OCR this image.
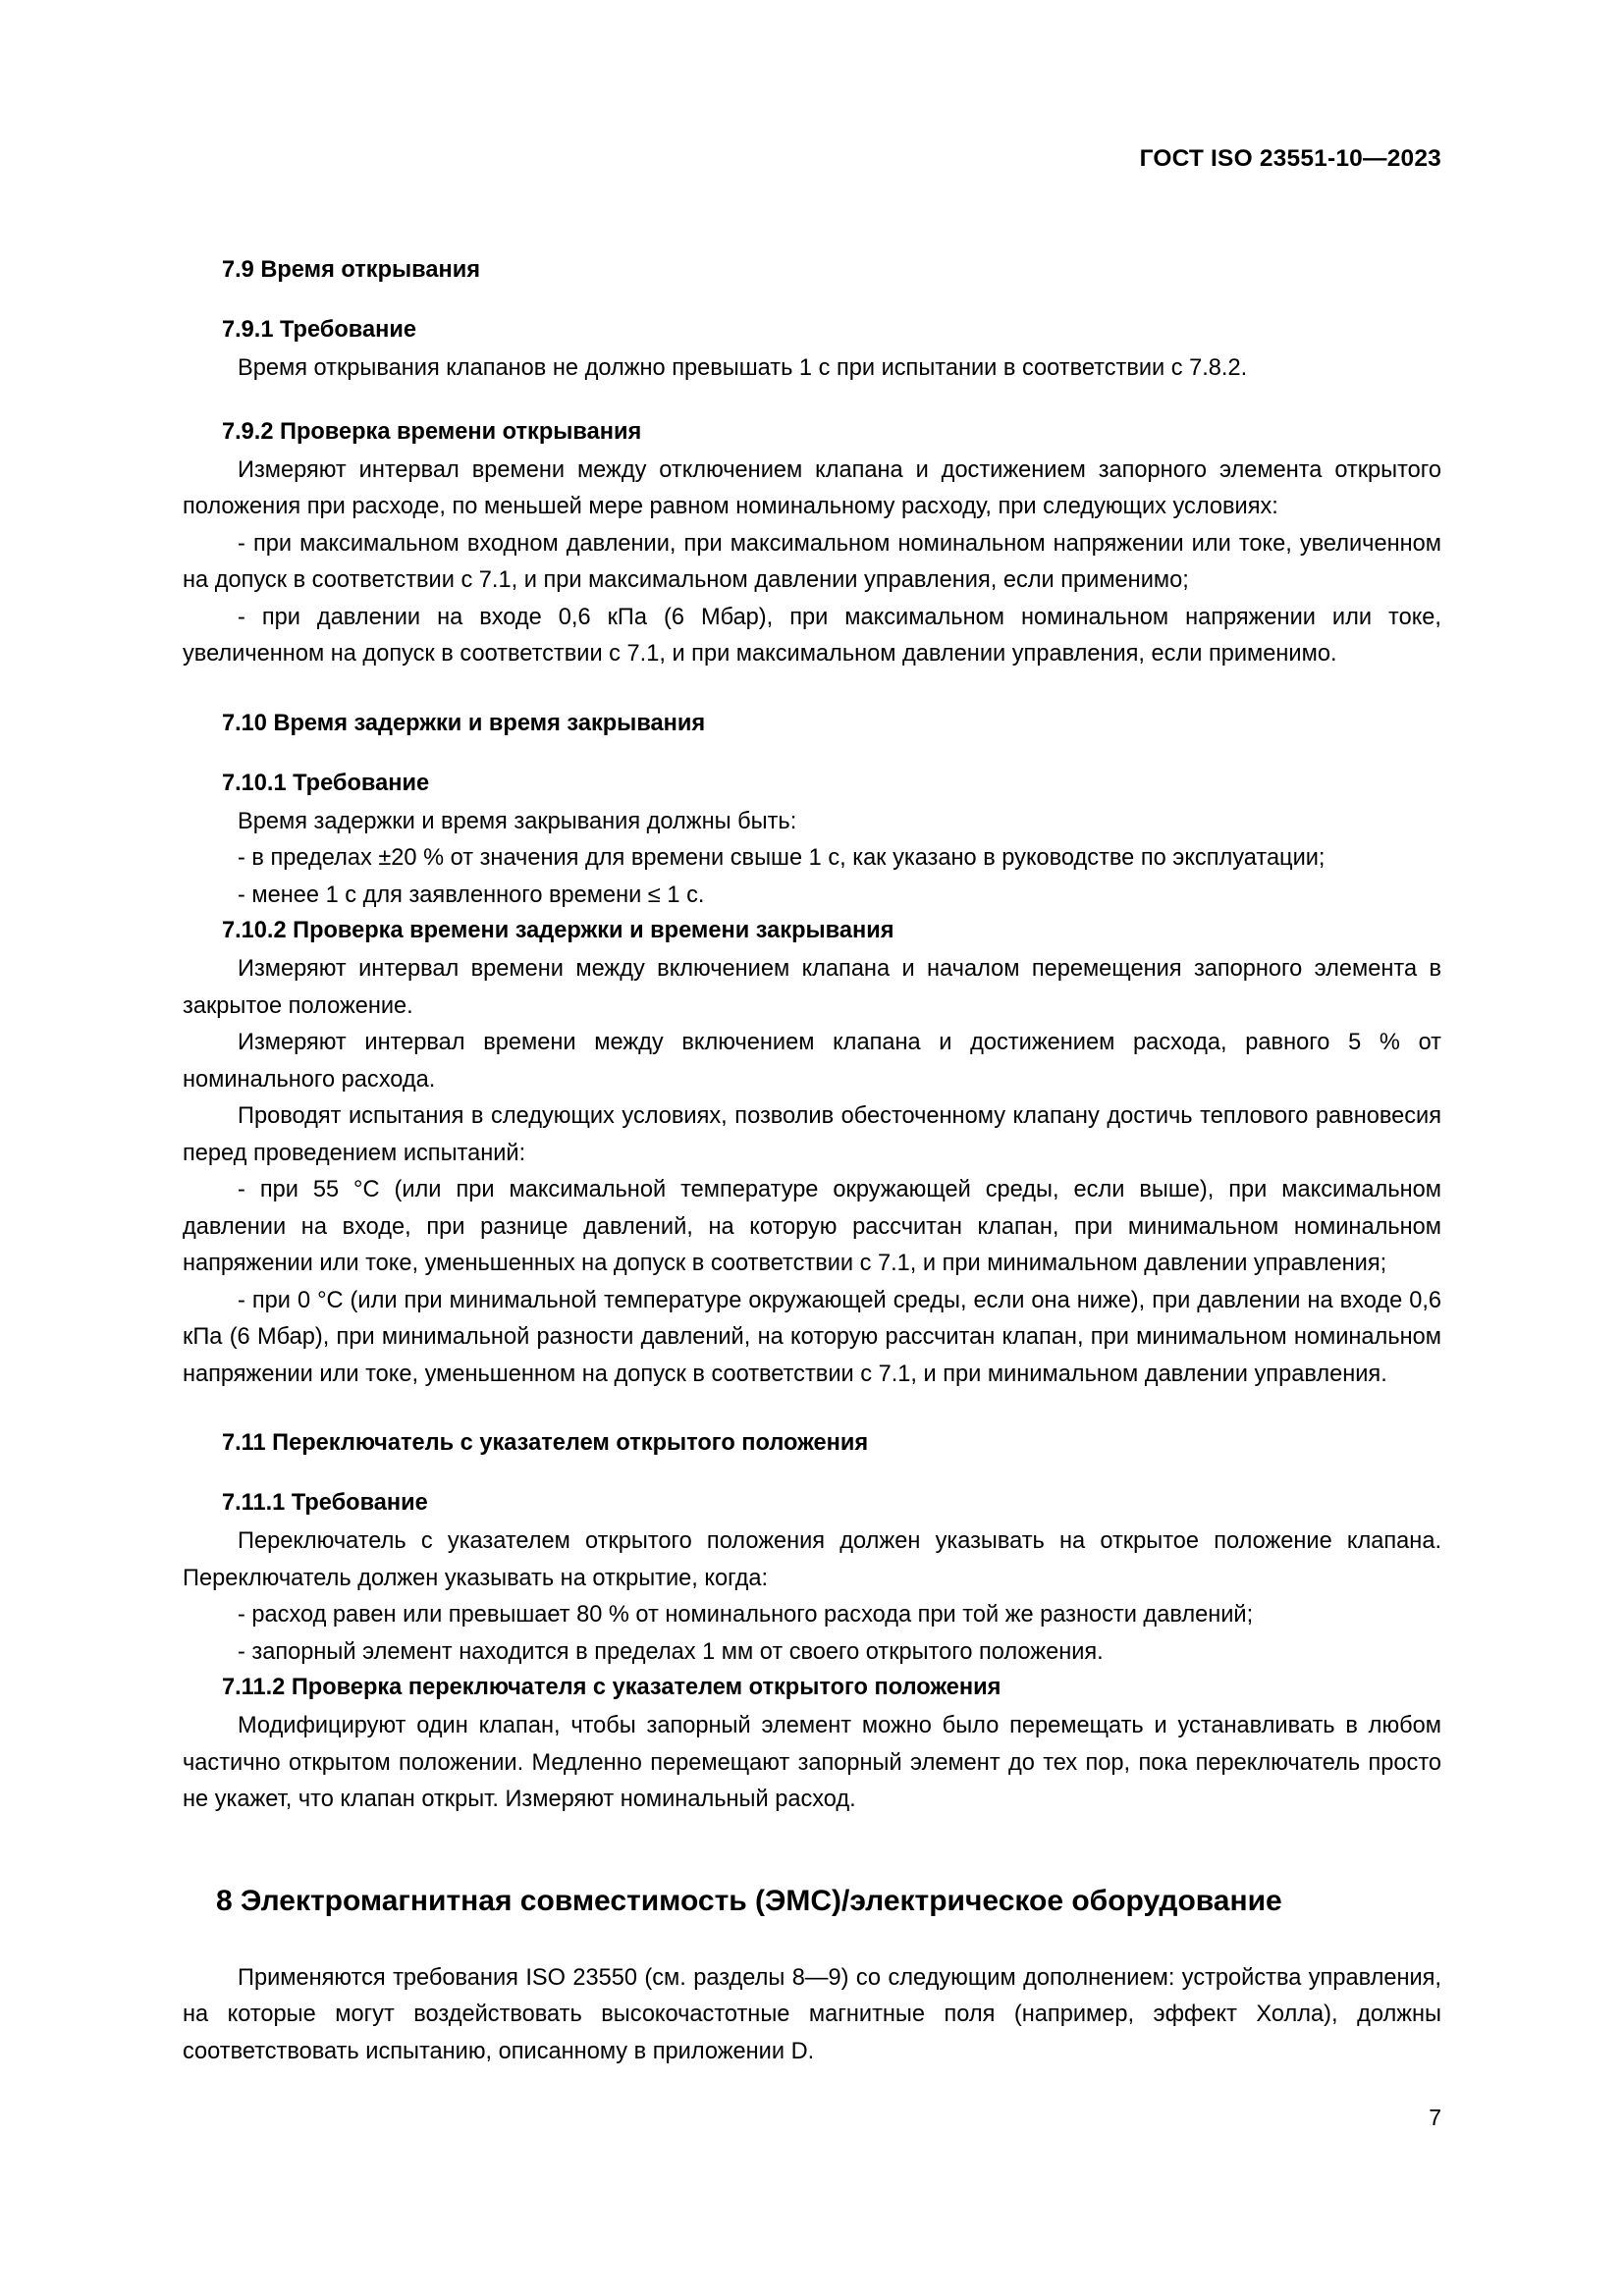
ГОСТ ISO 23551-10—2023

7.9 Время открывания

7.9.1 Требование

Время открывания клапанов не должно превышать 1 с при испытании в соответствии с 7.8.2.

7.9.2 Проверка времени открывания

Измеряют интервал времени между отключением клапана и достижением запорного элемента открытого положения при расходе, по меньшей мере равном номинальному расходу, при следующих условиях:

- при максимальном входном давлении, при максимальном номинальном напряжении или токе, увеличенном на допуск в соответствии с 7.1, и при максимальном давлении управления, если применимо;

- при давлении на входе 0,6 кПа (6 Мбар), при максимальном номинальном напряжении или токе, увеличенном на допуск в соответствии с 7.1, и при максимальном давлении управления, если применимо.

7.10 Время задержки и время закрывания

7.10.1 Требование

Время задержки и время закрывания должны быть:

- в пределах ±20 % от значения для времени свыше 1 с, как указано в руководстве по эксплуатации;

- менее 1 с для заявленного времени ≤ 1 с.

7.10.2 Проверка времени задержки и времени закрывания

Измеряют интервал времени между включением клапана и началом перемещения запорного элемента в закрытое положение.

Измеряют интервал времени между включением клапана и достижением расхода, равного 5 % от номинального расхода.

Проводят испытания в следующих условиях, позволив обесточенному клапану достичь теплового равновесия перед проведением испытаний:

- при 55 °C (или при максимальной температуре окружающей среды, если выше), при максимальном давлении на входе, при разнице давлений, на которую рассчитан клапан, при минимальном номинальном напряжении или токе, уменьшенных на допуск в соответствии с 7.1, и при минимальном давлении управления;

- при 0 °C (или при минимальной температуре окружающей среды, если она ниже), при давлении на входе 0,6 кПа (6 Мбар), при минимальной разности давлений, на которую рассчитан клапан, при минимальном номинальном напряжении или токе, уменьшенном на допуск в соответствии с 7.1, и при минимальном давлении управления.

7.11 Переключатель с указателем открытого положения

7.11.1 Требование

Переключатель с указателем открытого положения должен указывать на открытое положение клапана. Переключатель должен указывать на открытие, когда:

- расход равен или превышает 80 % от номинального расхода при той же разности давлений;

- запорный элемент находится в пределах 1 мм от своего открытого положения.

7.11.2 Проверка переключателя с указателем открытого положения

Модифицируют один клапан, чтобы запорный элемент можно было перемещать и устанавливать в любом частично открытом положении. Медленно перемещают запорный элемент до тех пор, пока переключатель просто не укажет, что клапан открыт. Измеряют номинальный расход.

8 Электромагнитная совместимость (ЭМС)/электрическое оборудование

Применяются требования ISO 23550 (см. разделы 8—9) со следующим дополнением: устройства управления, на которые могут воздействовать высокочастотные магнитные поля (например, эффект Холла), должны соответствовать испытанию, описанному в приложении D.

7
